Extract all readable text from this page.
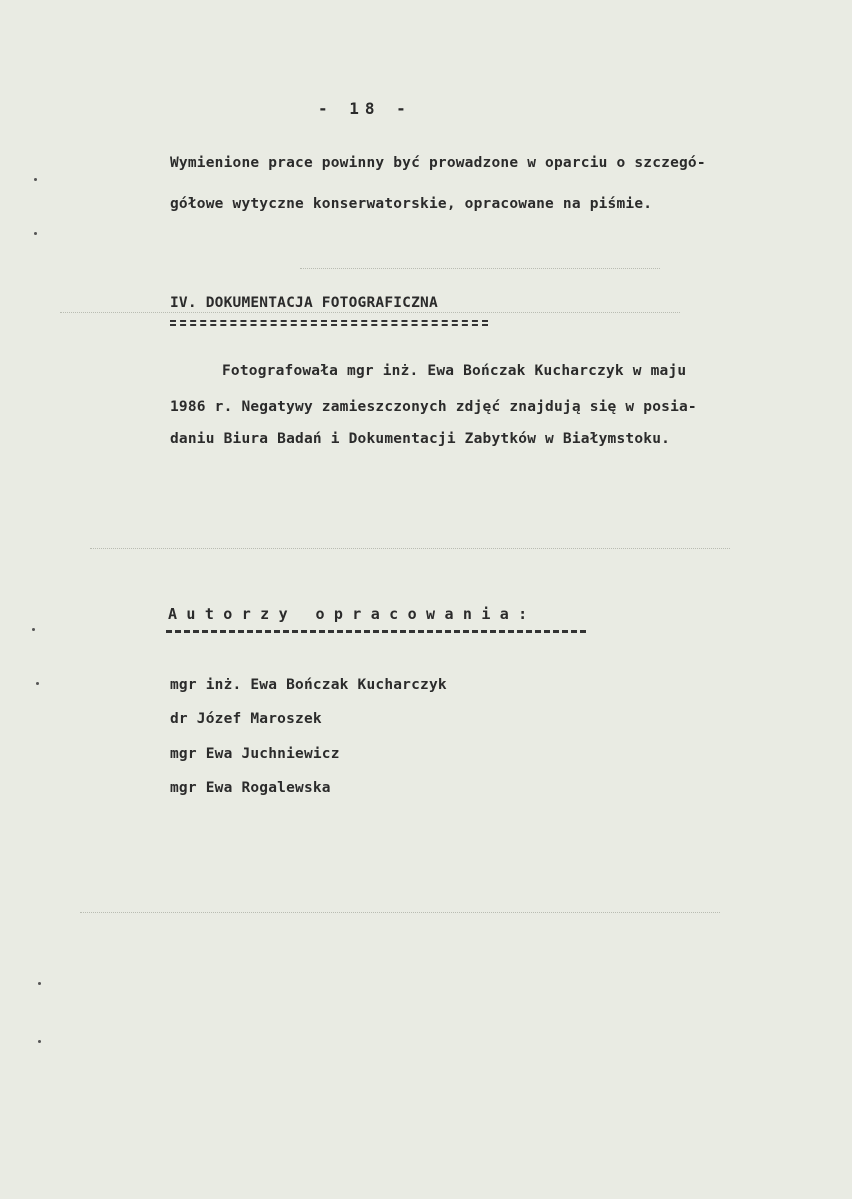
- 18 -
Wymienione prace powinny być prowadzone w oparciu o szczegó-
gółowe wytyczne konserwatorskie, opracowane na piśmie.
IV. DOKUMENTACJA FOTOGRAFICZNA
Fotografowała mgr inż. Ewa Bończak Kucharczyk w maju
1986 r. Negatywy zamieszczonych zdjęć znajdują się w posia-
daniu Biura Badań i Dokumentacji Zabytków w Białymstoku.
Autorzy opracowania:
mgr inż. Ewa Bończak Kucharczyk
dr Józef Maroszek
mgr Ewa Juchniewicz
mgr Ewa Rogalewska
